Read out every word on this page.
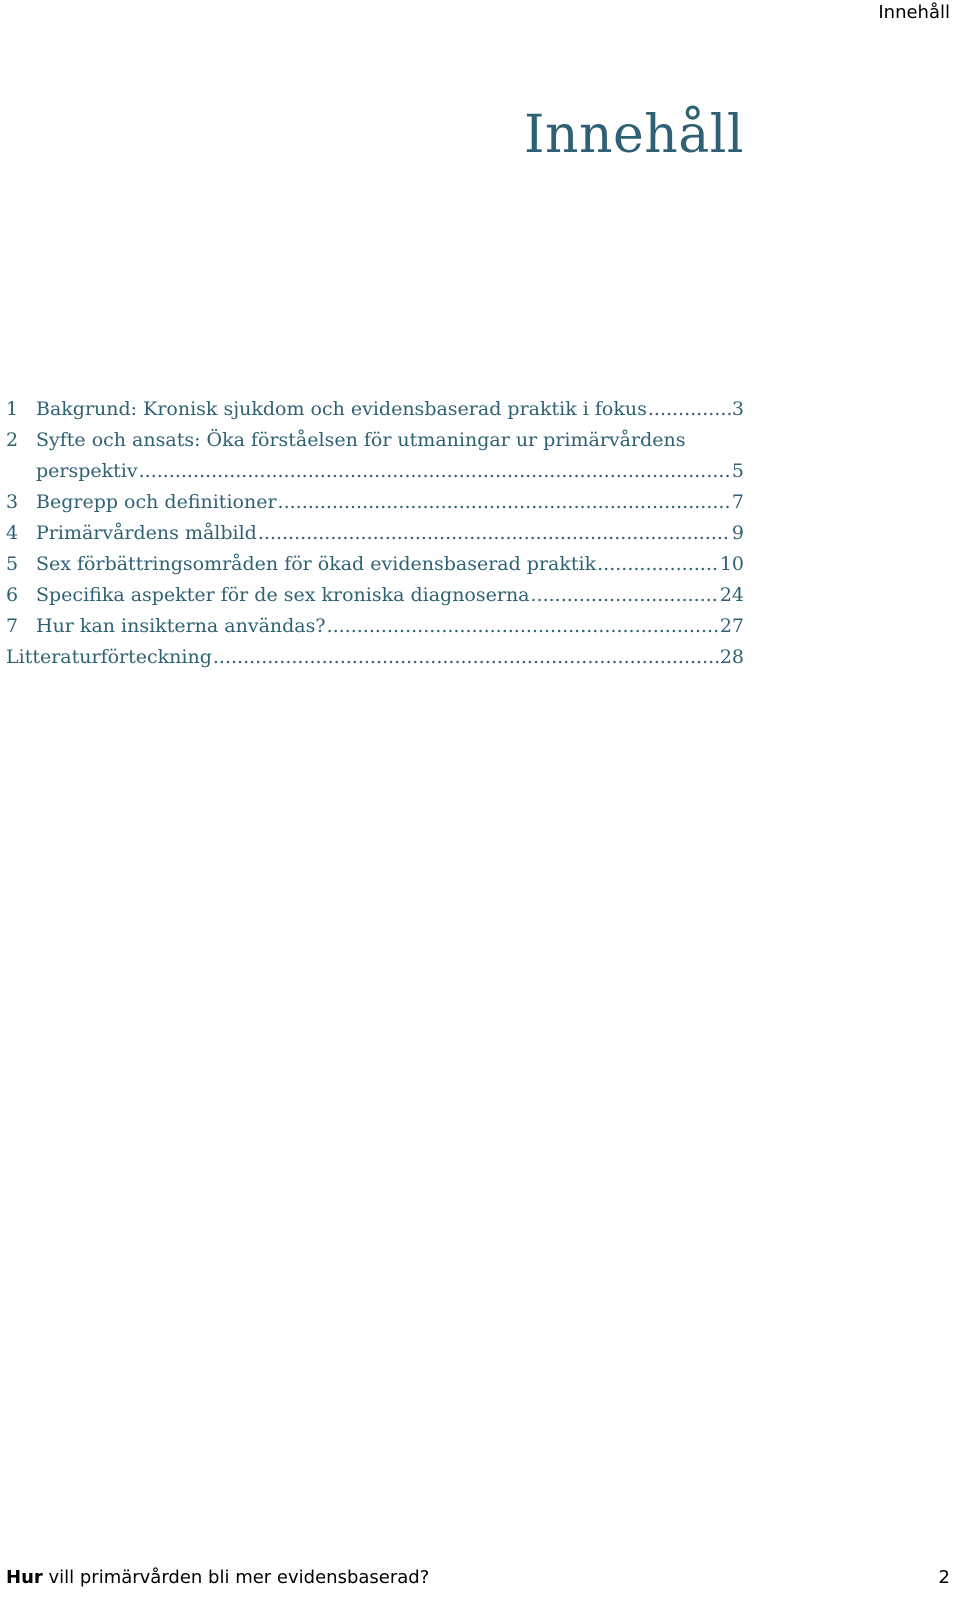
Innehåll
Innehåll
1 Bakgrund: Kronisk sjukdom och evidensbaserad praktik i fokus .....	3
2 Syfte och ansats: Öka förståelsen för utmaningar ur primärvårdens
perspektiv .....	5
3 Begrepp och definitioner .....	7
4 Primärvårdens målbild .....	9
5 Sex förbättringsområden för ökad evidensbaserad praktik .....	10
6 Specifika aspekter för de sex kroniska diagnoserna .....	24
7 Hur kan insikterna användas? .....	27
Litteraturförteckning .....	28
Hur vill primärvården bli mer evidensbaserad?	2
